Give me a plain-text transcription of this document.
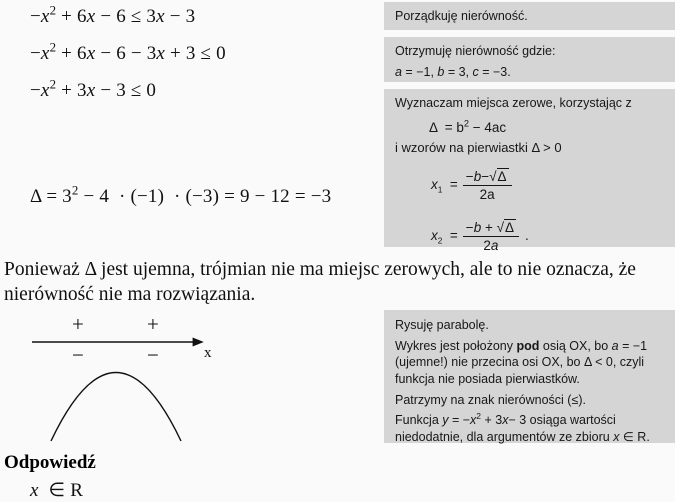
$-x^2 + 6x - 6 \le 3x - 3$
$-x^2 + 6x - 6 - 3x + 3 \le 0$
$-x^2 + 3x - 3 \le 0$
$\Delta = 3^2 - 4 \cdot (-1) \cdot (-3) = 9 - 12 = -3$

Porządkuję nierówność.

Otrzymuję nierówność gdzie:

a = −1, b = 3, c = −3.

Wyznaczam miejsca zerowe, korzystając z

$\Delta = b^2 - 4ac$

i wzorów na pierwiastki Δ > 0

$x_1 = \frac{-b-√\Delta}{2a}$
$x_2 = \frac{-b + √\Delta}{2a}$ .
Ponieważ Δ jest ujemna, trójmian nie ma miejsc zerowych, ale to nie oznacza, że nierówność nie ma rozwiązania.
+	+
−	−	x

Rysuję parabolę.

Wykres jest położony pod osią OX, bo a = −1 (ujemne!) nie przecina osi OX, bo Δ < 0, czyli funkcja nie posiada pierwiastków.

Patrzymy na znak nierówności (≤).

Funkcja $y = -x^2 + 3x- 3$ osiąga wartości niedodatnie, dla argumentów ze zbioru x ∈ R.

Odpowiedź
x  ∈ R
